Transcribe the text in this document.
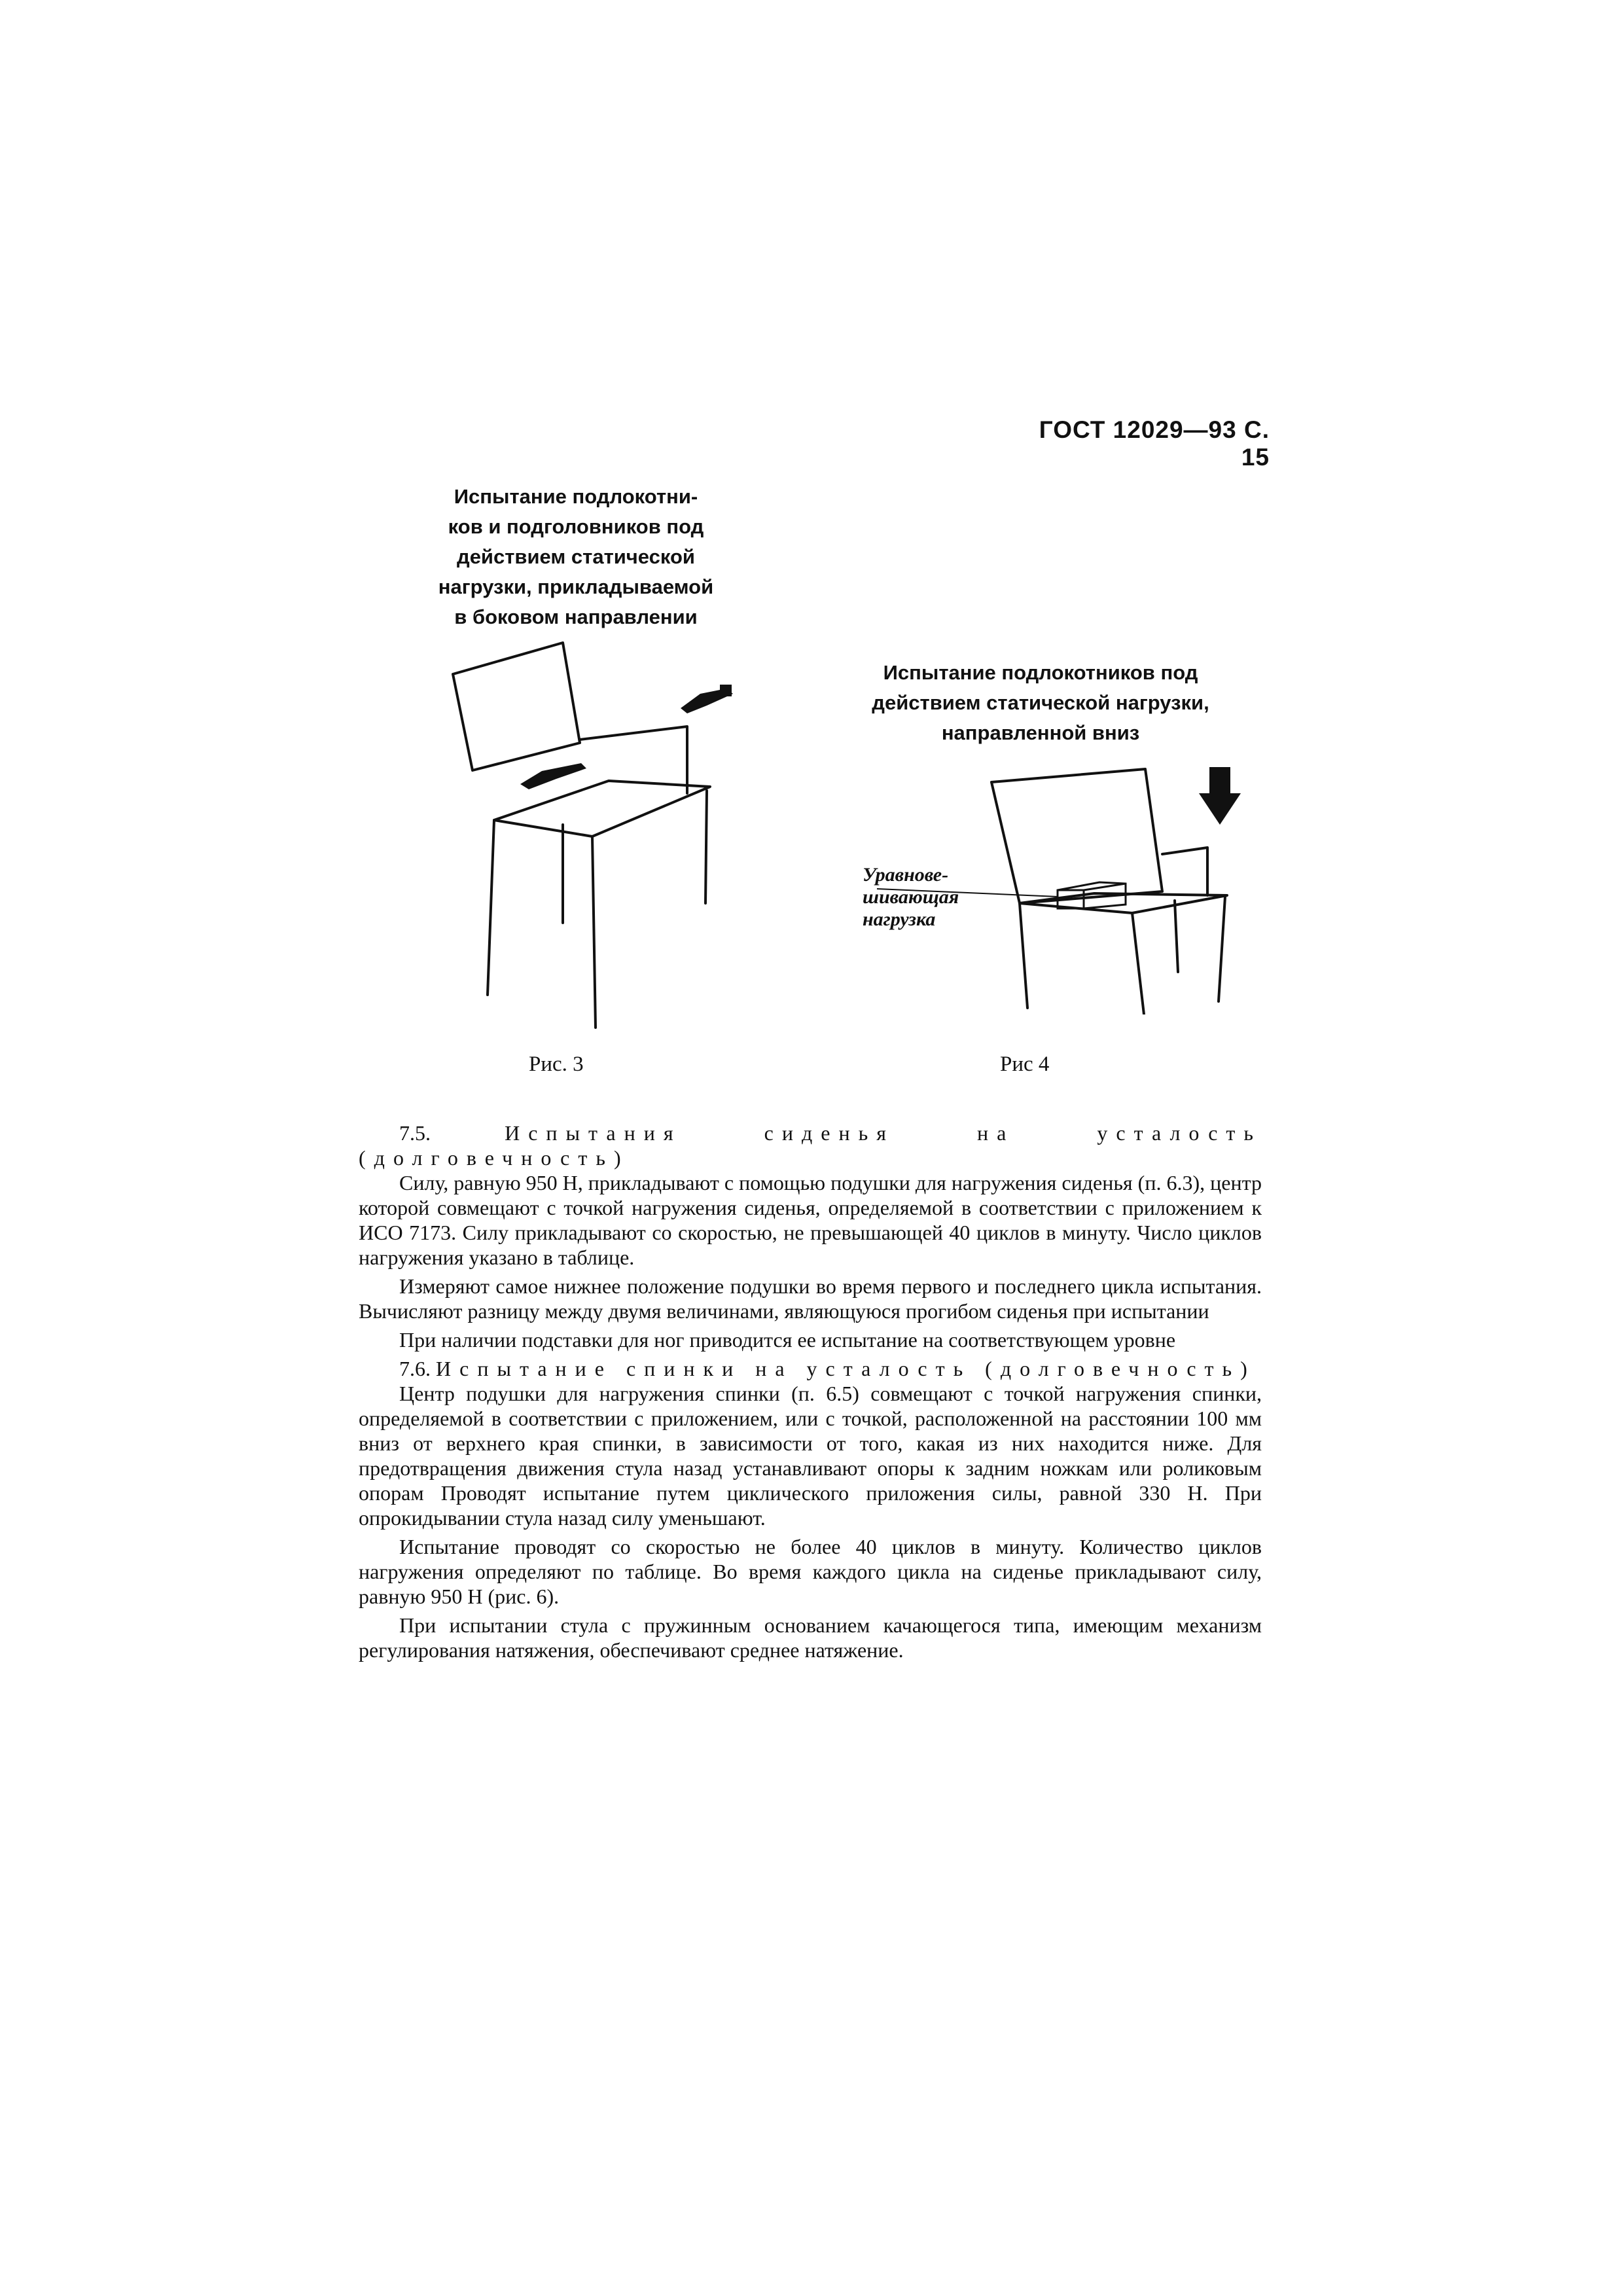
ГОСТ 12029—93 С. 15
Испытание подлокотни-
ков и подголовников под
действием статической
нагрузки, прикладываемой
в боковом направлении
Испытание подлокотников под
действием статической нагрузки,
направленной вниз
Уравнове-
шивающая
нагрузка
Рис. 3	Рис 4

7.5.	Испытания сиденья на усталость (долговечность)

Силу, равную 950 Н, прикладывают с помощью подушки для нагружения сиденья (п. 6.3), центр которой совмещают с точкой нагружения сиденья, определяемой в соответствии с приложением к ИСО 7173. Силу прикладывают со скоростью, не превышающей 40 циклов в минуту. Число циклов нагружения указано в таблице.

Измеряют самое нижнее положение подушки во время первого и последнего цикла испытания. Вычисляют разницу между двумя величинами, являющуюся прогибом сиденья при испытании

При наличии подставки для ног приводится ее испытание на соответствующем уровне

7.6. Испытание спинки на усталость (долговечность)

Центр подушки для нагружения спинки (п. 6.5) совмещают с точкой нагружения спинки, определяемой в соответствии с приложением, или с точкой, расположенной на расстоянии 100 мм вниз от верхнего края спинки, в зависимости от того, какая из них находится ниже. Для предотвращения движения стула назад устанавливают опоры к задним ножкам или роликовым опорам Проводят испытание путем циклического приложения силы, равной 330 Н. При опрокидывании стула назад силу уменьшают.

Испытание проводят со скоростью не более 40 циклов в минуту. Количество циклов нагружения определяют по таблице. Во время каждого цикла на сиденье прикладывают силу, равную 950 Н (рис. 6).

При испытании стула с пружинным основанием качающегося типа, имеющим механизм регулирования натяжения, обеспечивают среднее натяжение.
